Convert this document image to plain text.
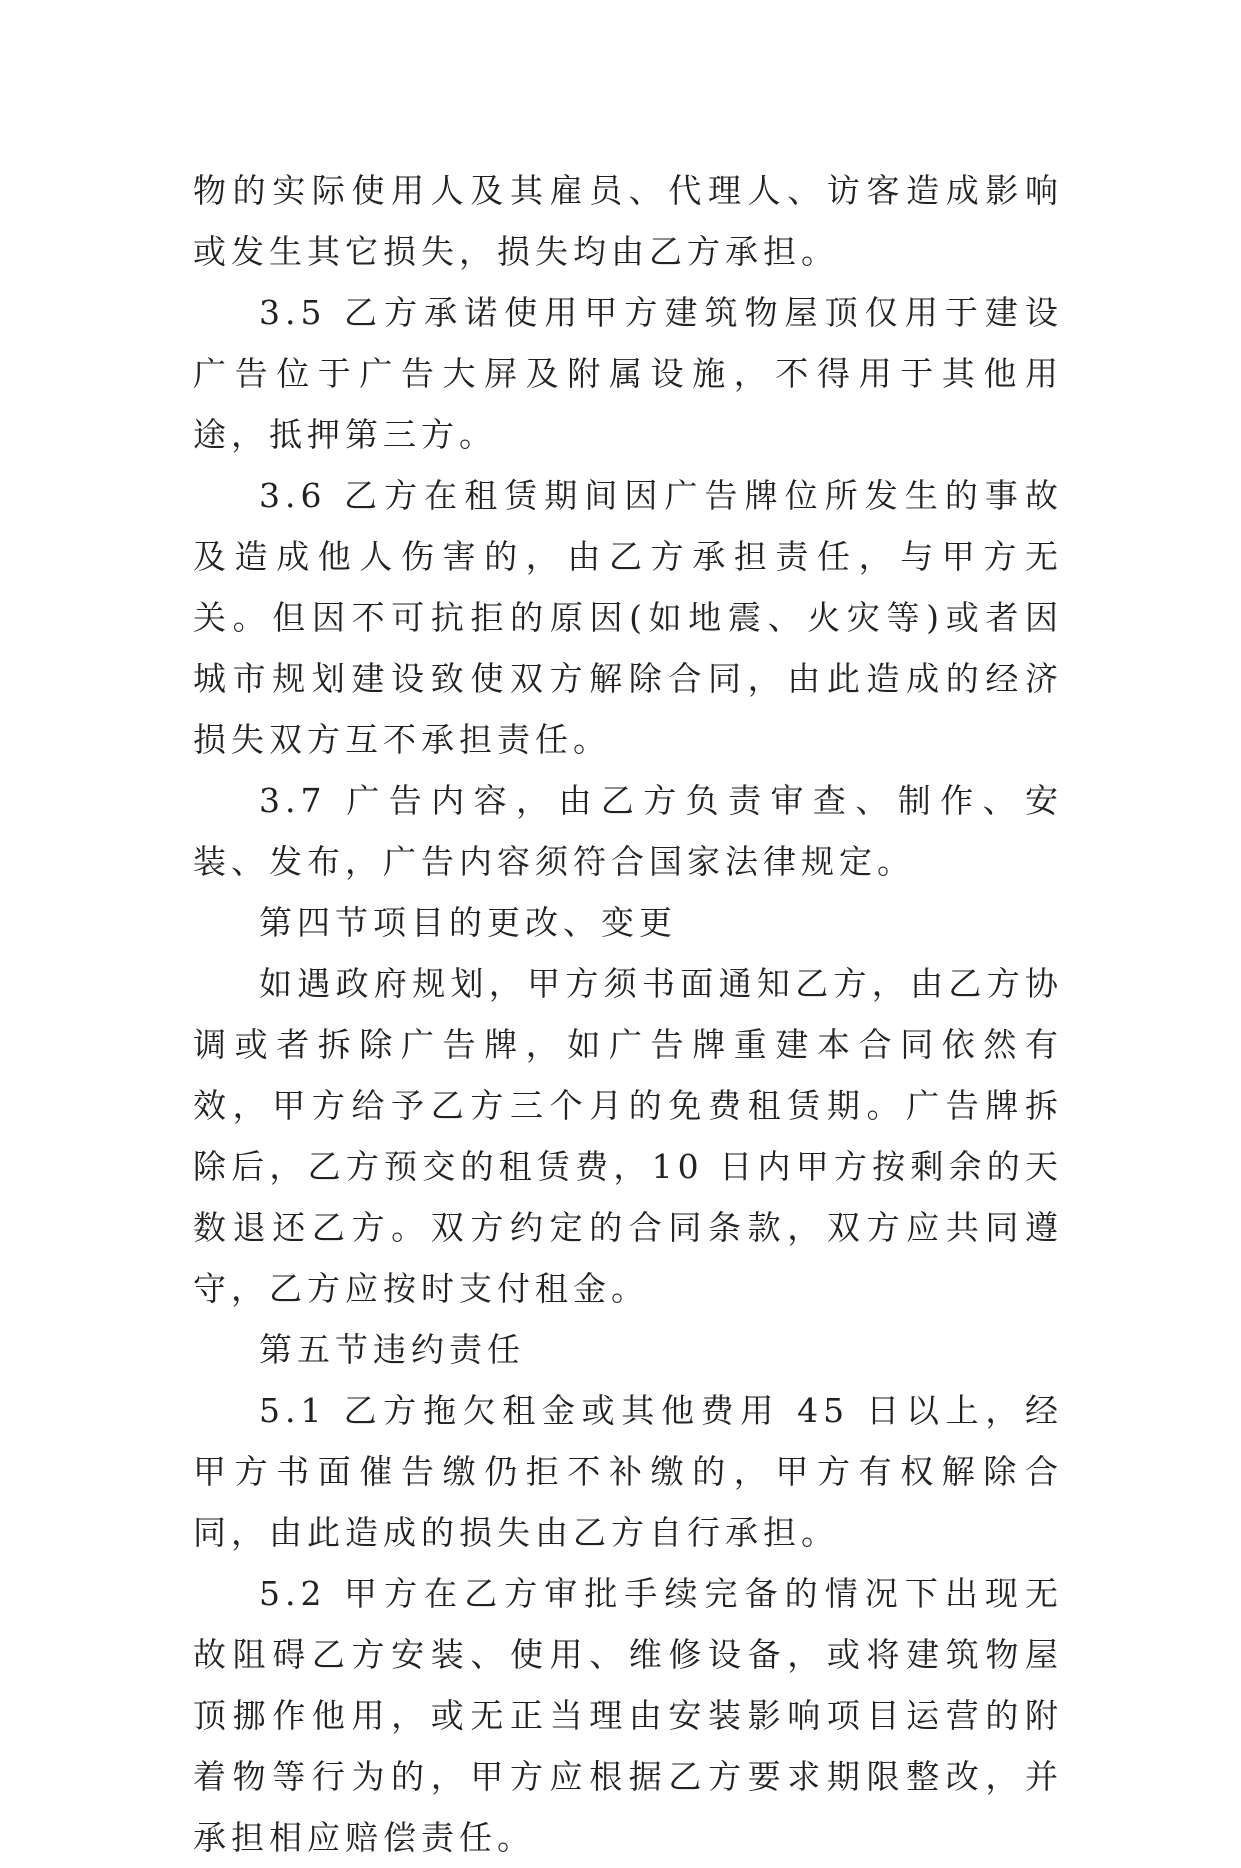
物的实际使用人及其雇员、代理人、访客造成影响或发生其它损失，损失均由乙方承担。

3.5 乙方承诺使用甲方建筑物屋顶仅用于建设广告位于广告大屏及附属设施，不得用于其他用途，抵押第三方。

3.6 乙方在租赁期间因广告牌位所发生的事故及造成他人伤害的，由乙方承担责任，与甲方无关。但因不可抗拒的原因(如地震、火灾等)或者因城市规划建设致使双方解除合同，由此造成的经济损失双方互不承担责任。

3.7 广告内容，由乙方负责审查、制作、安装、发布，广告内容须符合国家法律规定。

第四节项目的更改、变更

如遇政府规划，甲方须书面通知乙方，由乙方协调或者拆除广告牌，如广告牌重建本合同依然有效，甲方给予乙方三个月的免费租赁期。广告牌拆除后，乙方预交的租赁费，10 日内甲方按剩余的天数退还乙方。双方约定的合同条款，双方应共同遵守，乙方应按时支付租金。

第五节违约责任

5.1 乙方拖欠租金或其他费用 45 日以上，经甲方书面催告缴仍拒不补缴的，甲方有权解除合同，由此造成的损失由乙方自行承担。

5.2 甲方在乙方审批手续完备的情况下出现无故阻碍乙方安装、使用、维修设备，或将建筑物屋顶挪作他用，或无正当理由安装影响项目运营的附着物等行为的，甲方应根据乙方要求期限整改，并承担相应赔偿责任。
